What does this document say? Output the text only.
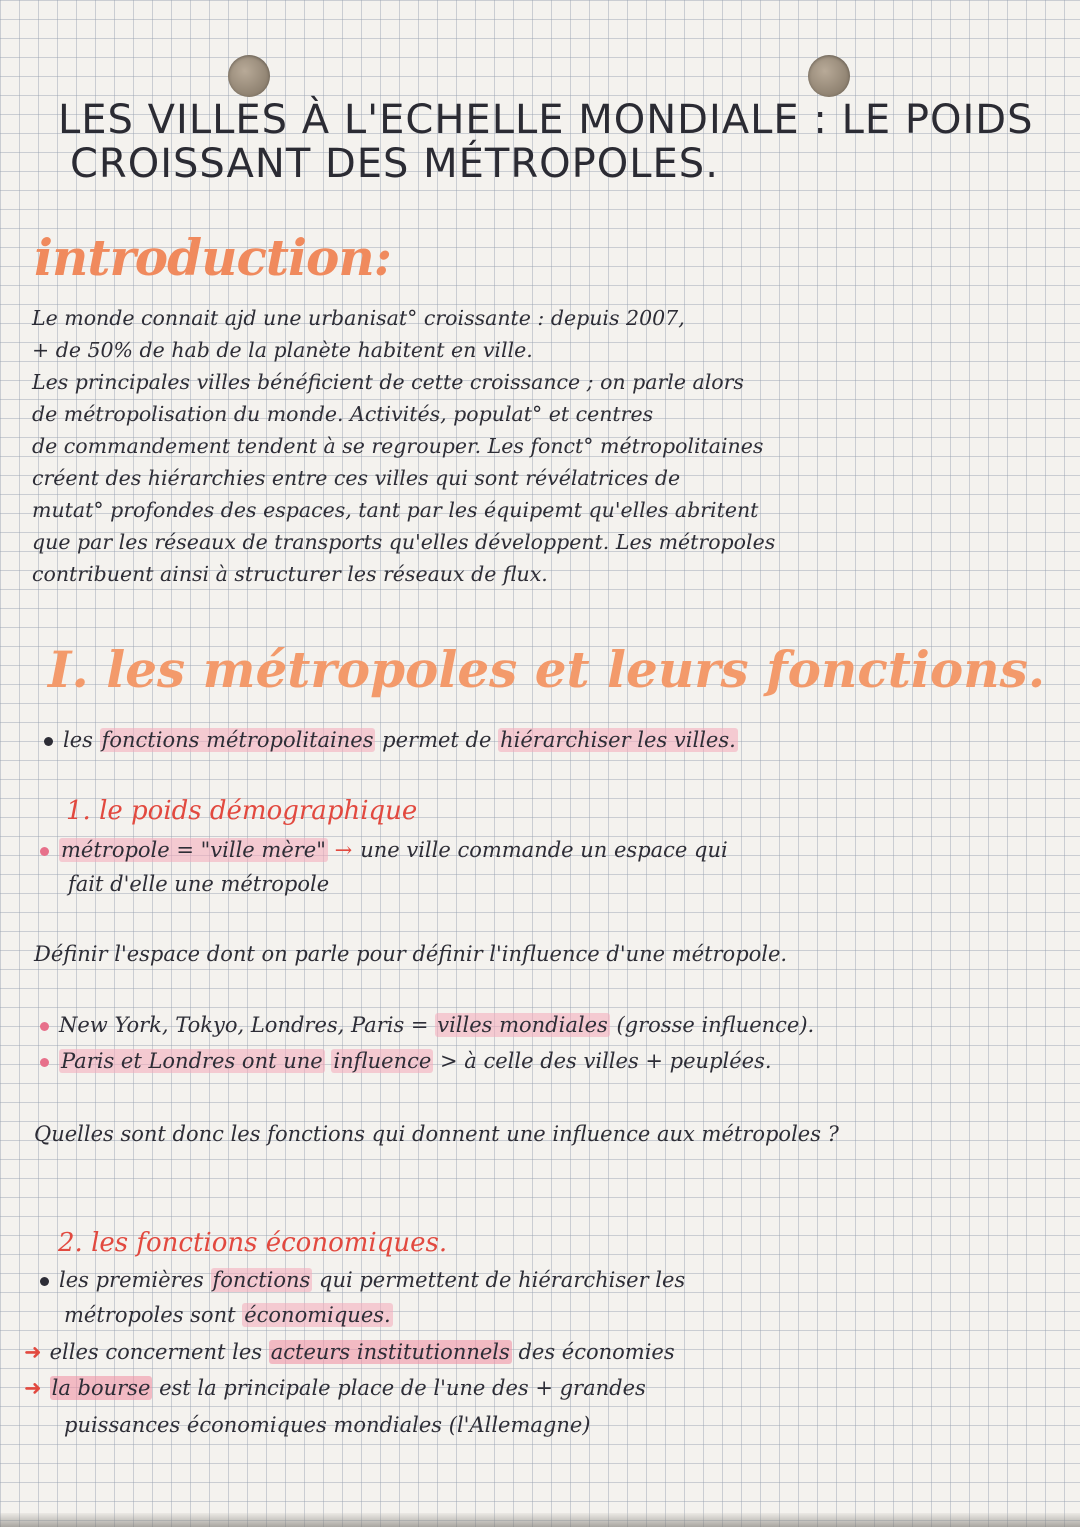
LES VILLES À L'ECHELLE MONDIALE : LE POIDS
CROISSANT DES MÉTROPOLES.
introduction:
Le monde connait ajd une urbanisat° croissante : depuis 2007,
+ de 50% de hab de la planète habitent en ville.
Les principales villes bénéficient de cette croissance ; on parle alors
de métropolisation du monde. Activités, populat° et centres
de commandement tendent à se regrouper. Les fonct° métropolitaines
créent des hiérarchies entre ces villes qui sont révélatrices de
mutat° profondes des espaces, tant par les équipemt qu'elles abritent
que par les réseaux de transports qu'elles développent. Les métropoles
contribuent ainsi à structurer les réseaux de flux.
I. les métropoles et leurs fonctions.
les fonctions métropolitaines permet de hiérarchiser les villes.
1. le poids démographique
métropole = "ville mère" → une ville commande un espace qui
fait d'elle une métropole
Définir l'espace dont on parle pour définir l'influence d'une métropole.
New York, Tokyo, Londres, Paris = villes mondiales (grosse influence).
Paris et Londres ont une influence > à celle des villes + peuplées.
Quelles sont donc les fonctions qui donnent une influence aux métropoles ?
2. les fonctions économiques.
les premières fonctions qui permettent de hiérarchiser les
métropoles sont économiques.
➜ elles concernent les acteurs institutionnels des économies
➜ la bourse est la principale place de l'une des + grandes
puissances économiques mondiales (l'Allemagne)
